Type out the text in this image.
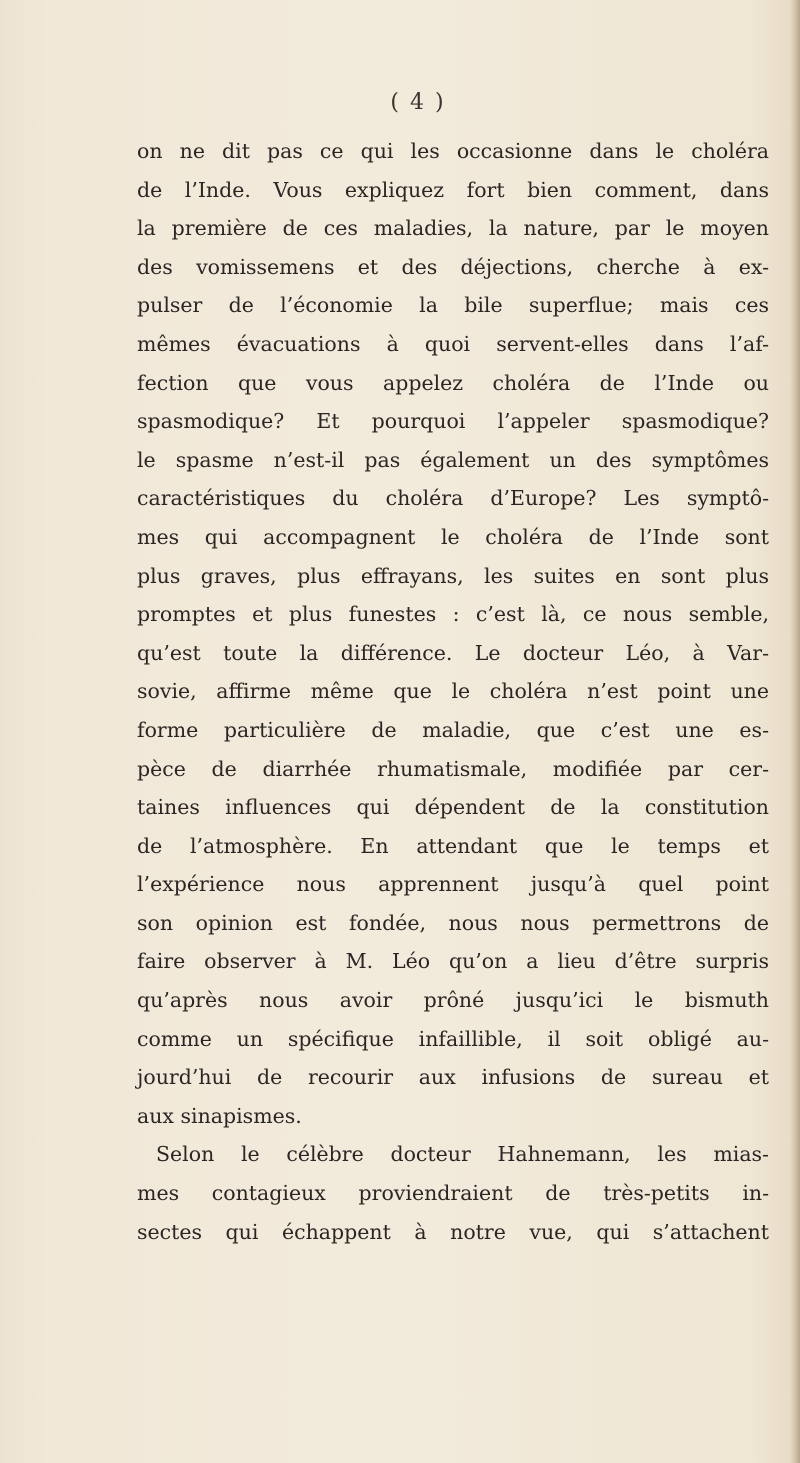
( 4 )
on ne dit pas ce qui les occasionne dans le choléra
de l’Inde. Vous expliquez fort bien comment, dans
la première de ces maladies, la nature, par le moyen
des vomissemens et des déjections, cherche à ex-
pulser de l’économie la bile superflue; mais ces
mêmes évacuations à quoi servent-elles dans l’af-
fection que vous appelez choléra de l’Inde ou
spasmodique? Et pourquoi l’appeler spasmodique?
le spasme n’est-il pas également un des symptômes
caractéristiques du choléra d’Europe? Les symptô-
mes qui accompagnent le choléra de l’Inde sont
plus graves, plus effrayans, les suites en sont plus
promptes et plus funestes : c’est là, ce nous semble,
qu’est toute la différence. Le docteur Léo, à Var-
sovie, affirme même que le choléra n’est point une
forme particulière de maladie, que c’est une es-
pèce de diarrhée rhumatismale, modifiée par cer-
taines influences qui dépendent de la constitution
de l’atmosphère. En attendant que le temps et
l’expérience nous apprennent jusqu’à quel point
son opinion est fondée, nous nous permettrons de
faire observer à M. Léo qu’on a lieu d’être surpris
qu’après nous avoir prôné jusqu’ici le bismuth
comme un spécifique infaillible, il soit obligé au-
jourd’hui de recourir aux infusions de sureau et
aux sinapismes.
Selon le célèbre docteur Hahnemann, les mias-
mes contagieux proviendraient de très-petits in-
sectes qui échappent à notre vue, qui s’attachent
